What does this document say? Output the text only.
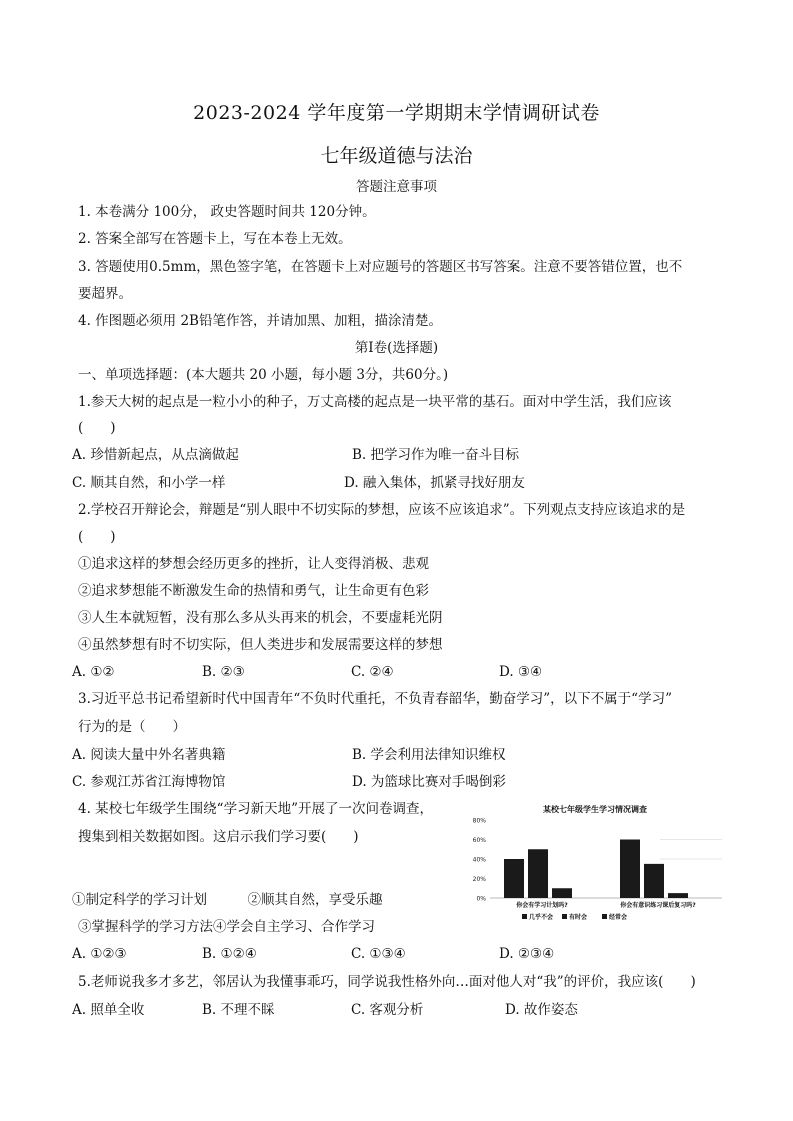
2023-2024 学年度第一学期期末学情调研试卷
七年级道德与法治
答题注意事项
1. 本卷满分 100分， 政史答题时间共 120分钟。
2. 答案全部写在答题卡上，写在本卷上无效。
3. 答题使用0.5mm，黑色签字笔，在答题卡上对应题号的答题区书写答案。注意不要答错位置，也不
要超界。
4. 作图题必须用 2B铅笔作答，并请加黑、加粗，描涂清楚。
第Ⅰ卷(选择题)
一、单项选择题：(本大题共 20 小题，每小题 3分，共60分。)
1.参天大树的起点是一粒小小的种子，万丈高楼的起点是一块平常的基石。面对中学生活，我们应该
(　　)
A. 珍惜新起点，从点滴做起	B. 把学习作为唯一奋斗目标
C. 顺其自然，和小学一样	D. 融入集体，抓紧寻找好朋友
2.学校召开辩论会，辩题是“别人眼中不切实际的梦想，应该不应该追求”。下列观点支持应该追求的是
(　　)
①追求这样的梦想会经历更多的挫折，让人变得消极、悲观
②追求梦想能不断激发生命的热情和勇气，让生命更有色彩
③人生本就短暂，没有那么多从头再来的机会，不要虚耗光阴
④虽然梦想有时不切实际，但人类进步和发展需要这样的梦想
A. ①②	B. ②③	C. ②④	D. ③④
3.习近平总书记希望新时代中国青年“不负时代重托，不负青春韶华，勤奋学习”，以下不属于“学习”
行为的是（　　）
A. 阅读大量中外名著典籍	B. 学会利用法律知识维权
C. 参观江苏省江海博物馆	D. 为篮球比赛对手喝倒彩
4. 某校七年级学生围绕“学习新天地”开展了一次问卷调查，
搜集到相关数据如图。这启示我们学习要(　　)
①制定科学的学习计划　　　②顺其自然，享受乐趣
③掌握科学的学习方法④学会自主学习、合作学习
A. ①②③	B. ①②④	C. ①③④	D. ②③④
5.老师说我多才多艺，邻居认为我懂事乖巧，同学说我性格外向…面对他人对“我”的评价，我应该(　　)
A. 照单全收	B. 不理不睬	C. 客观分析	D. 故作姿态
某校七年级学生学习情况调查
80%
60%
40%
20%
0%
你会有学习计划吗?	你会有意识练习课后复习吗?
几乎不会	有时会	经常会
